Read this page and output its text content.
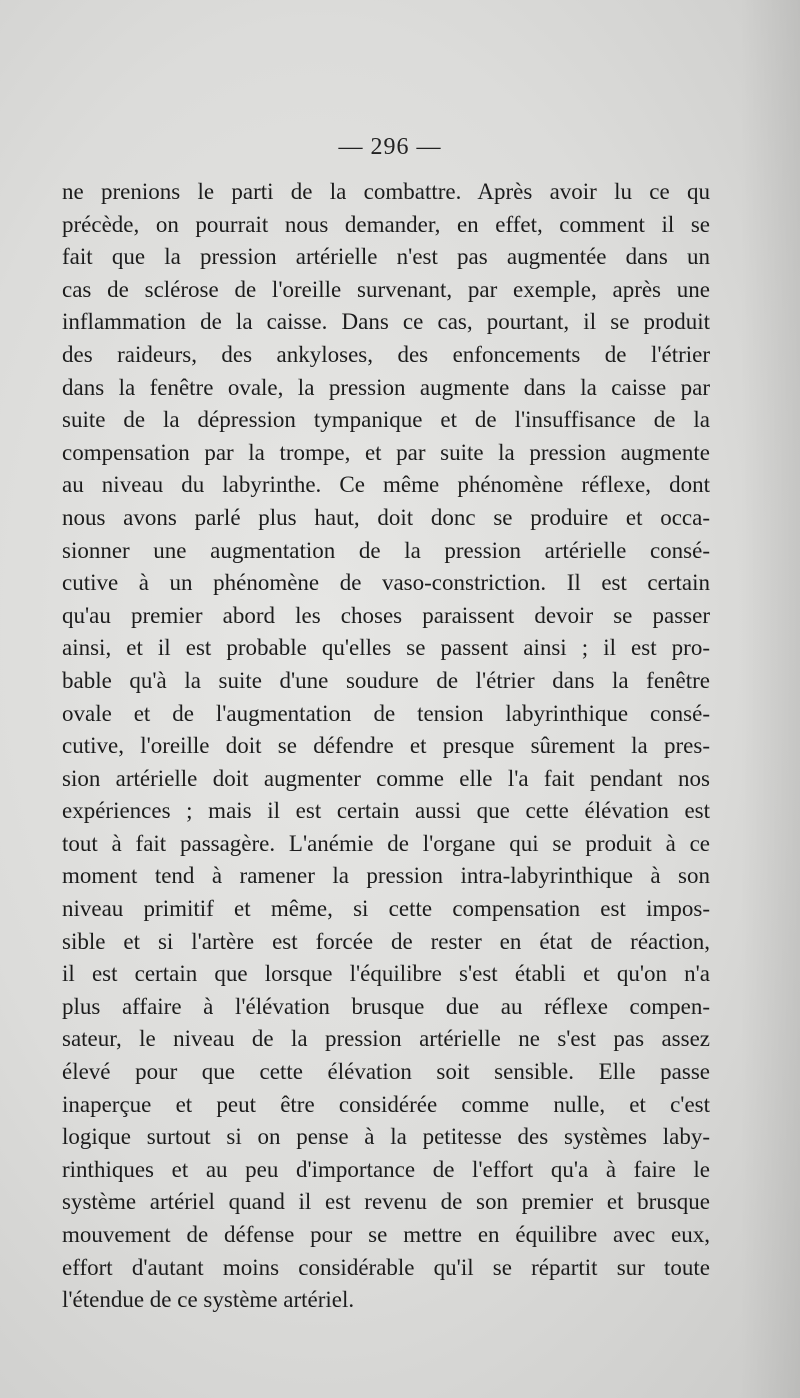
— 296 —
ne prenions le parti de la combattre. Après avoir lu ce qu
précède, on pourrait nous demander, en effet, comment il se
fait que la pression artérielle n'est pas augmentée dans un
cas de sclérose de l'oreille survenant, par exemple, après une
inflammation de la caisse. Dans ce cas, pourtant, il se produit
des raideurs, des ankyloses, des enfoncements de l'étrier
dans la fenêtre ovale, la pression augmente dans la caisse par
suite de la dépression tympanique et de l'insuffisance de la
compensation par la trompe, et par suite la pression augmente
au niveau du labyrinthe. Ce même phénomène réflexe, dont
nous avons parlé plus haut, doit donc se produire et occa-
sionner une augmentation de la pression artérielle consé-
cutive à un phénomène de vaso-constriction. Il est certain
qu'au premier abord les choses paraissent devoir se passer
ainsi, et il est probable qu'elles se passent ainsi ; il est pro-
bable qu'à la suite d'une soudure de l'étrier dans la fenêtre
ovale et de l'augmentation de tension labyrinthique consé-
cutive, l'oreille doit se défendre et presque sûrement la pres-
sion artérielle doit augmenter comme elle l'a fait pendant nos
expériences ; mais il est certain aussi que cette élévation est
tout à fait passagère. L'anémie de l'organe qui se produit à ce
moment tend à ramener la pression intra-labyrinthique à son
niveau primitif et même, si cette compensation est impos-
sible et si l'artère est forcée de rester en état de réaction,
il est certain que lorsque l'équilibre s'est établi et qu'on n'a
plus affaire à l'élévation brusque due au réflexe compen-
sateur, le niveau de la pression artérielle ne s'est pas assez
élevé pour que cette élévation soit sensible. Elle passe
inaperçue et peut être considérée comme nulle, et c'est
logique surtout si on pense à la petitesse des systèmes laby-
rinthiques et au peu d'importance de l'effort qu'a à faire le
système artériel quand il est revenu de son premier et brusque
mouvement de défense pour se mettre en équilibre avec eux,
effort d'autant moins considérable qu'il se répartit sur toute
l'étendue de ce système artériel.
